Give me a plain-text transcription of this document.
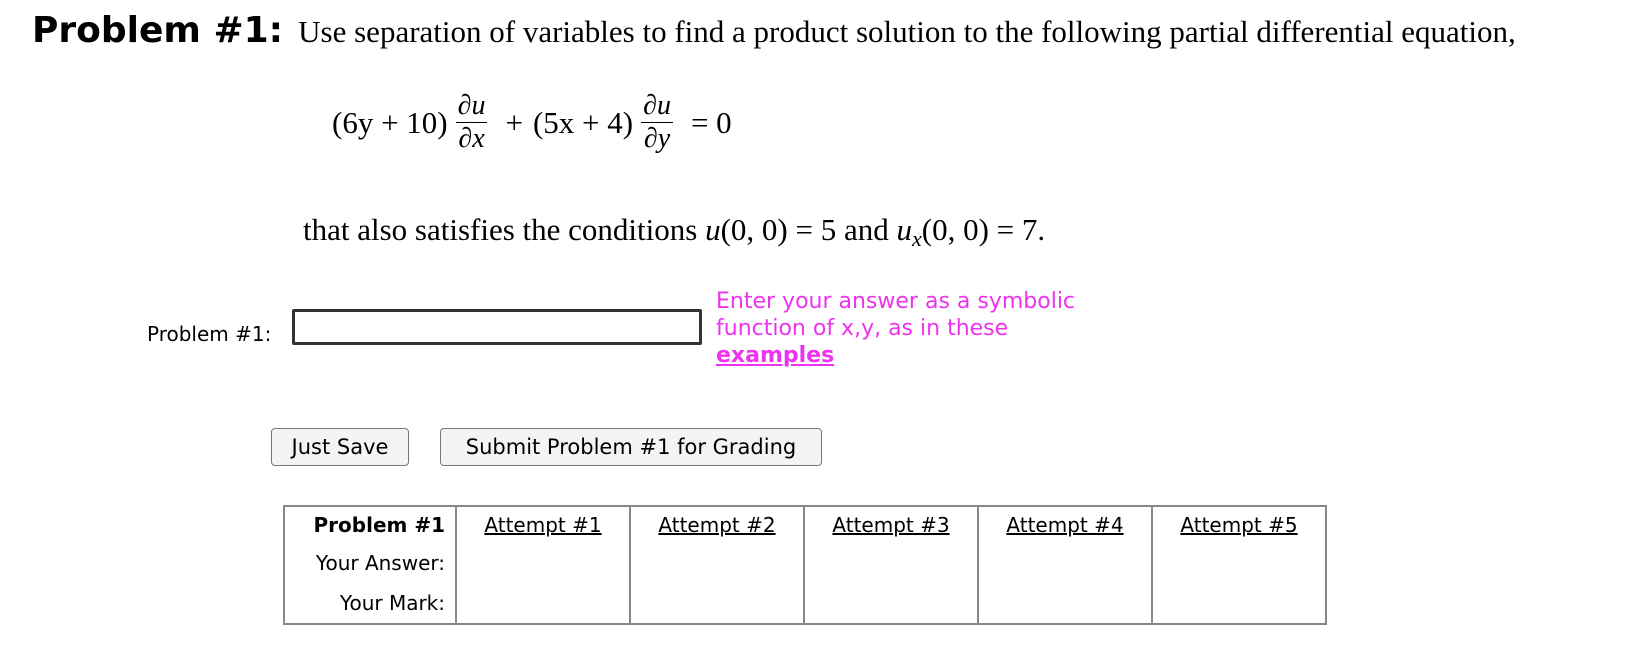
Problem #1: Use separation of variables to find a product solution to the following partial differential equation,
$(6y + 10) \frac{\partial u}{\partial x} + (5x + 4) \frac{\partial u}{\partial y} = 0$
that also satisfies the conditions u(0, 0) = 5 and $u_x(0$, 0) = 7.
Problem #1:
Enter your answer as a symbolic function of x,y, as in these
examples
Just Save	Submit Problem #1 for Grading
Problem #1	Attempt #1	Attempt #2	Attempt #3	Attempt #4	Attempt #5
Your Answer:					
Your Mark:					
